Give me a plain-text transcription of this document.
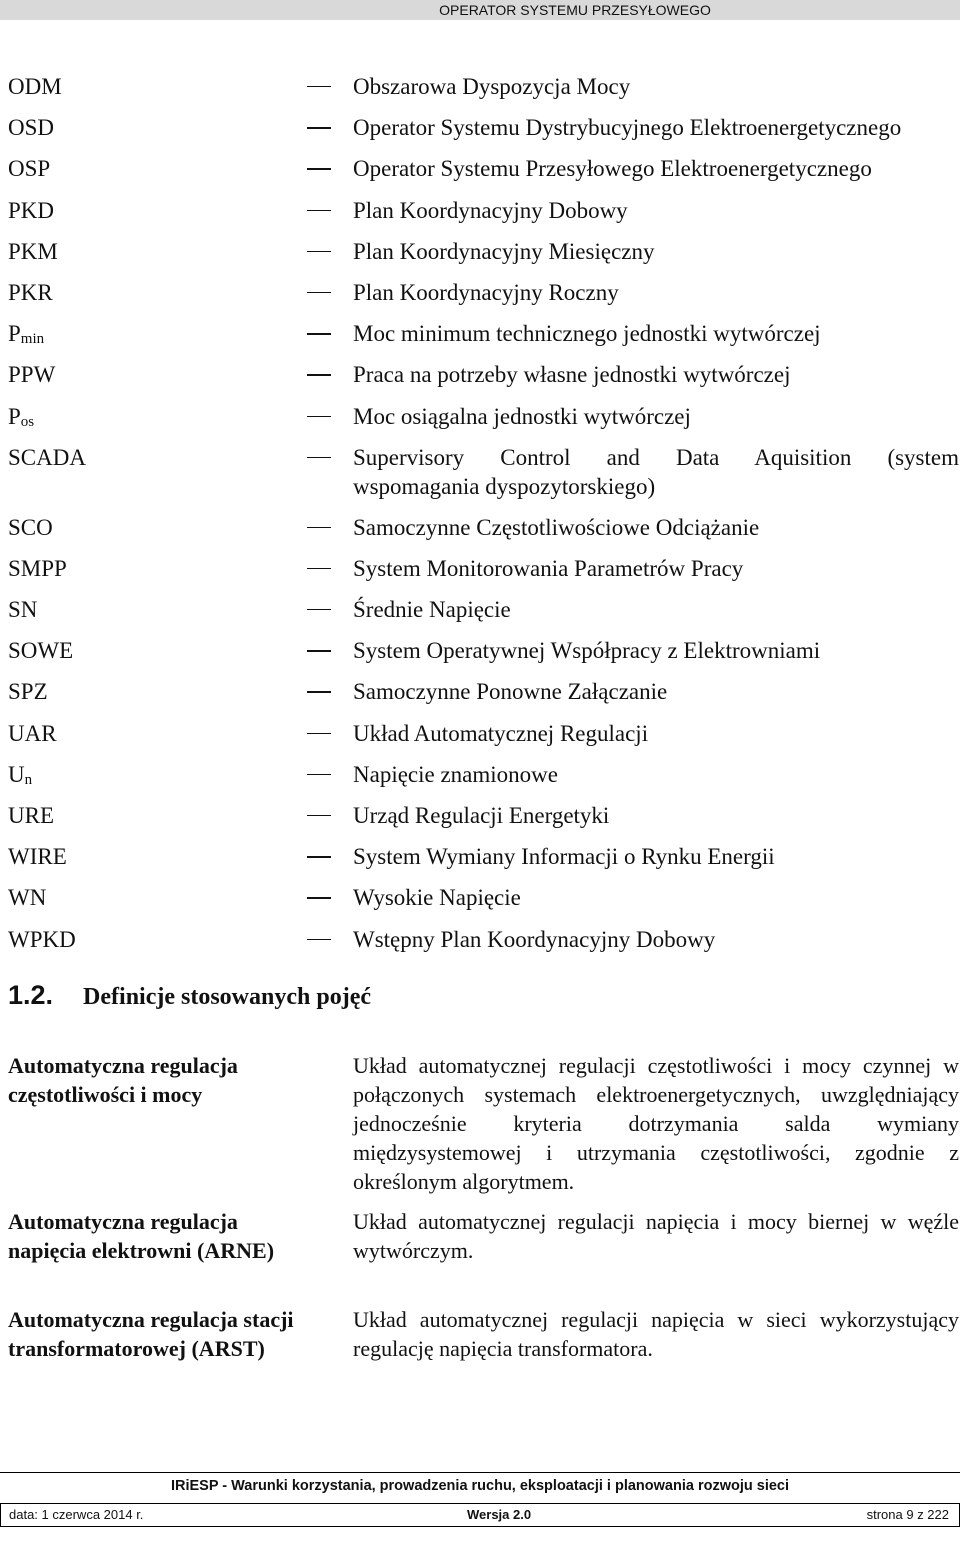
OPERATOR SYSTEMU PRZESYŁOWEGO
ODM	Obszarowa Dyspozycja Mocy
OSD	Operator Systemu Dystrybucyjnego Elektroenergetycznego
OSP	Operator Systemu Przesyłowego Elektroenergetycznego
PKD	Plan Koordynacyjny Dobowy
PKM	Plan Koordynacyjny Miesięczny
PKR	Plan Koordynacyjny Roczny
$P_{min}$	Moc minimum technicznego jednostki wytwórczej
PPW	Praca na potrzeby własne jednostki wytwórczej
$P_{os}$	Moc osiągalna jednostki wytwórczej
SCADA	Supervisory Control and Data Aquisition (system
wspomagania dyspozytorskiego)
SCO	Samoczynne Częstotliwościowe Odciążanie
SMPP	System Monitorowania Parametrów Pracy
SN	Średnie Napięcie
SOWE	System Operatywnej Współpracy z Elektrowniami
SPZ	Samoczynne Ponowne Załączanie
UAR	Układ Automatycznej Regulacji
$U_n$	Napięcie znamionowe
URE	Urząd Regulacji Energetyki
WIRE	System Wymiany Informacji o Rynku Energii
WN	Wysokie Napięcie
WPKD	Wstępny Plan Koordynacyjny Dobowy
1.2. Definicje stosowanych pojęć
Automatyczna regulacja częstotliwości i mocy
Układ automatycznej regulacji częstotliwości i mocy czynnej w połączonych systemach elektroenergetycznych, uwzględniający jednocześnie kryteria dotrzymania salda wymiany międzysystemowej i utrzymania częstotliwości, zgodnie z określonym algorytmem.
Automatyczna regulacja napięcia elektrowni (ARNE)
Układ automatycznej regulacji napięcia i mocy biernej w węźle wytwórczym.
Automatyczna regulacja stacji transformatorowej (ARST)
Układ automatycznej regulacji napięcia w sieci wykorzystujący regulację napięcia transformatora.
IRiESP - Warunki korzystania, prowadzenia ruchu, eksploatacji i planowania rozwoju sieci
data: 1 czerwca 2014 r.	Wersja 2.0	strona 9 z 222
